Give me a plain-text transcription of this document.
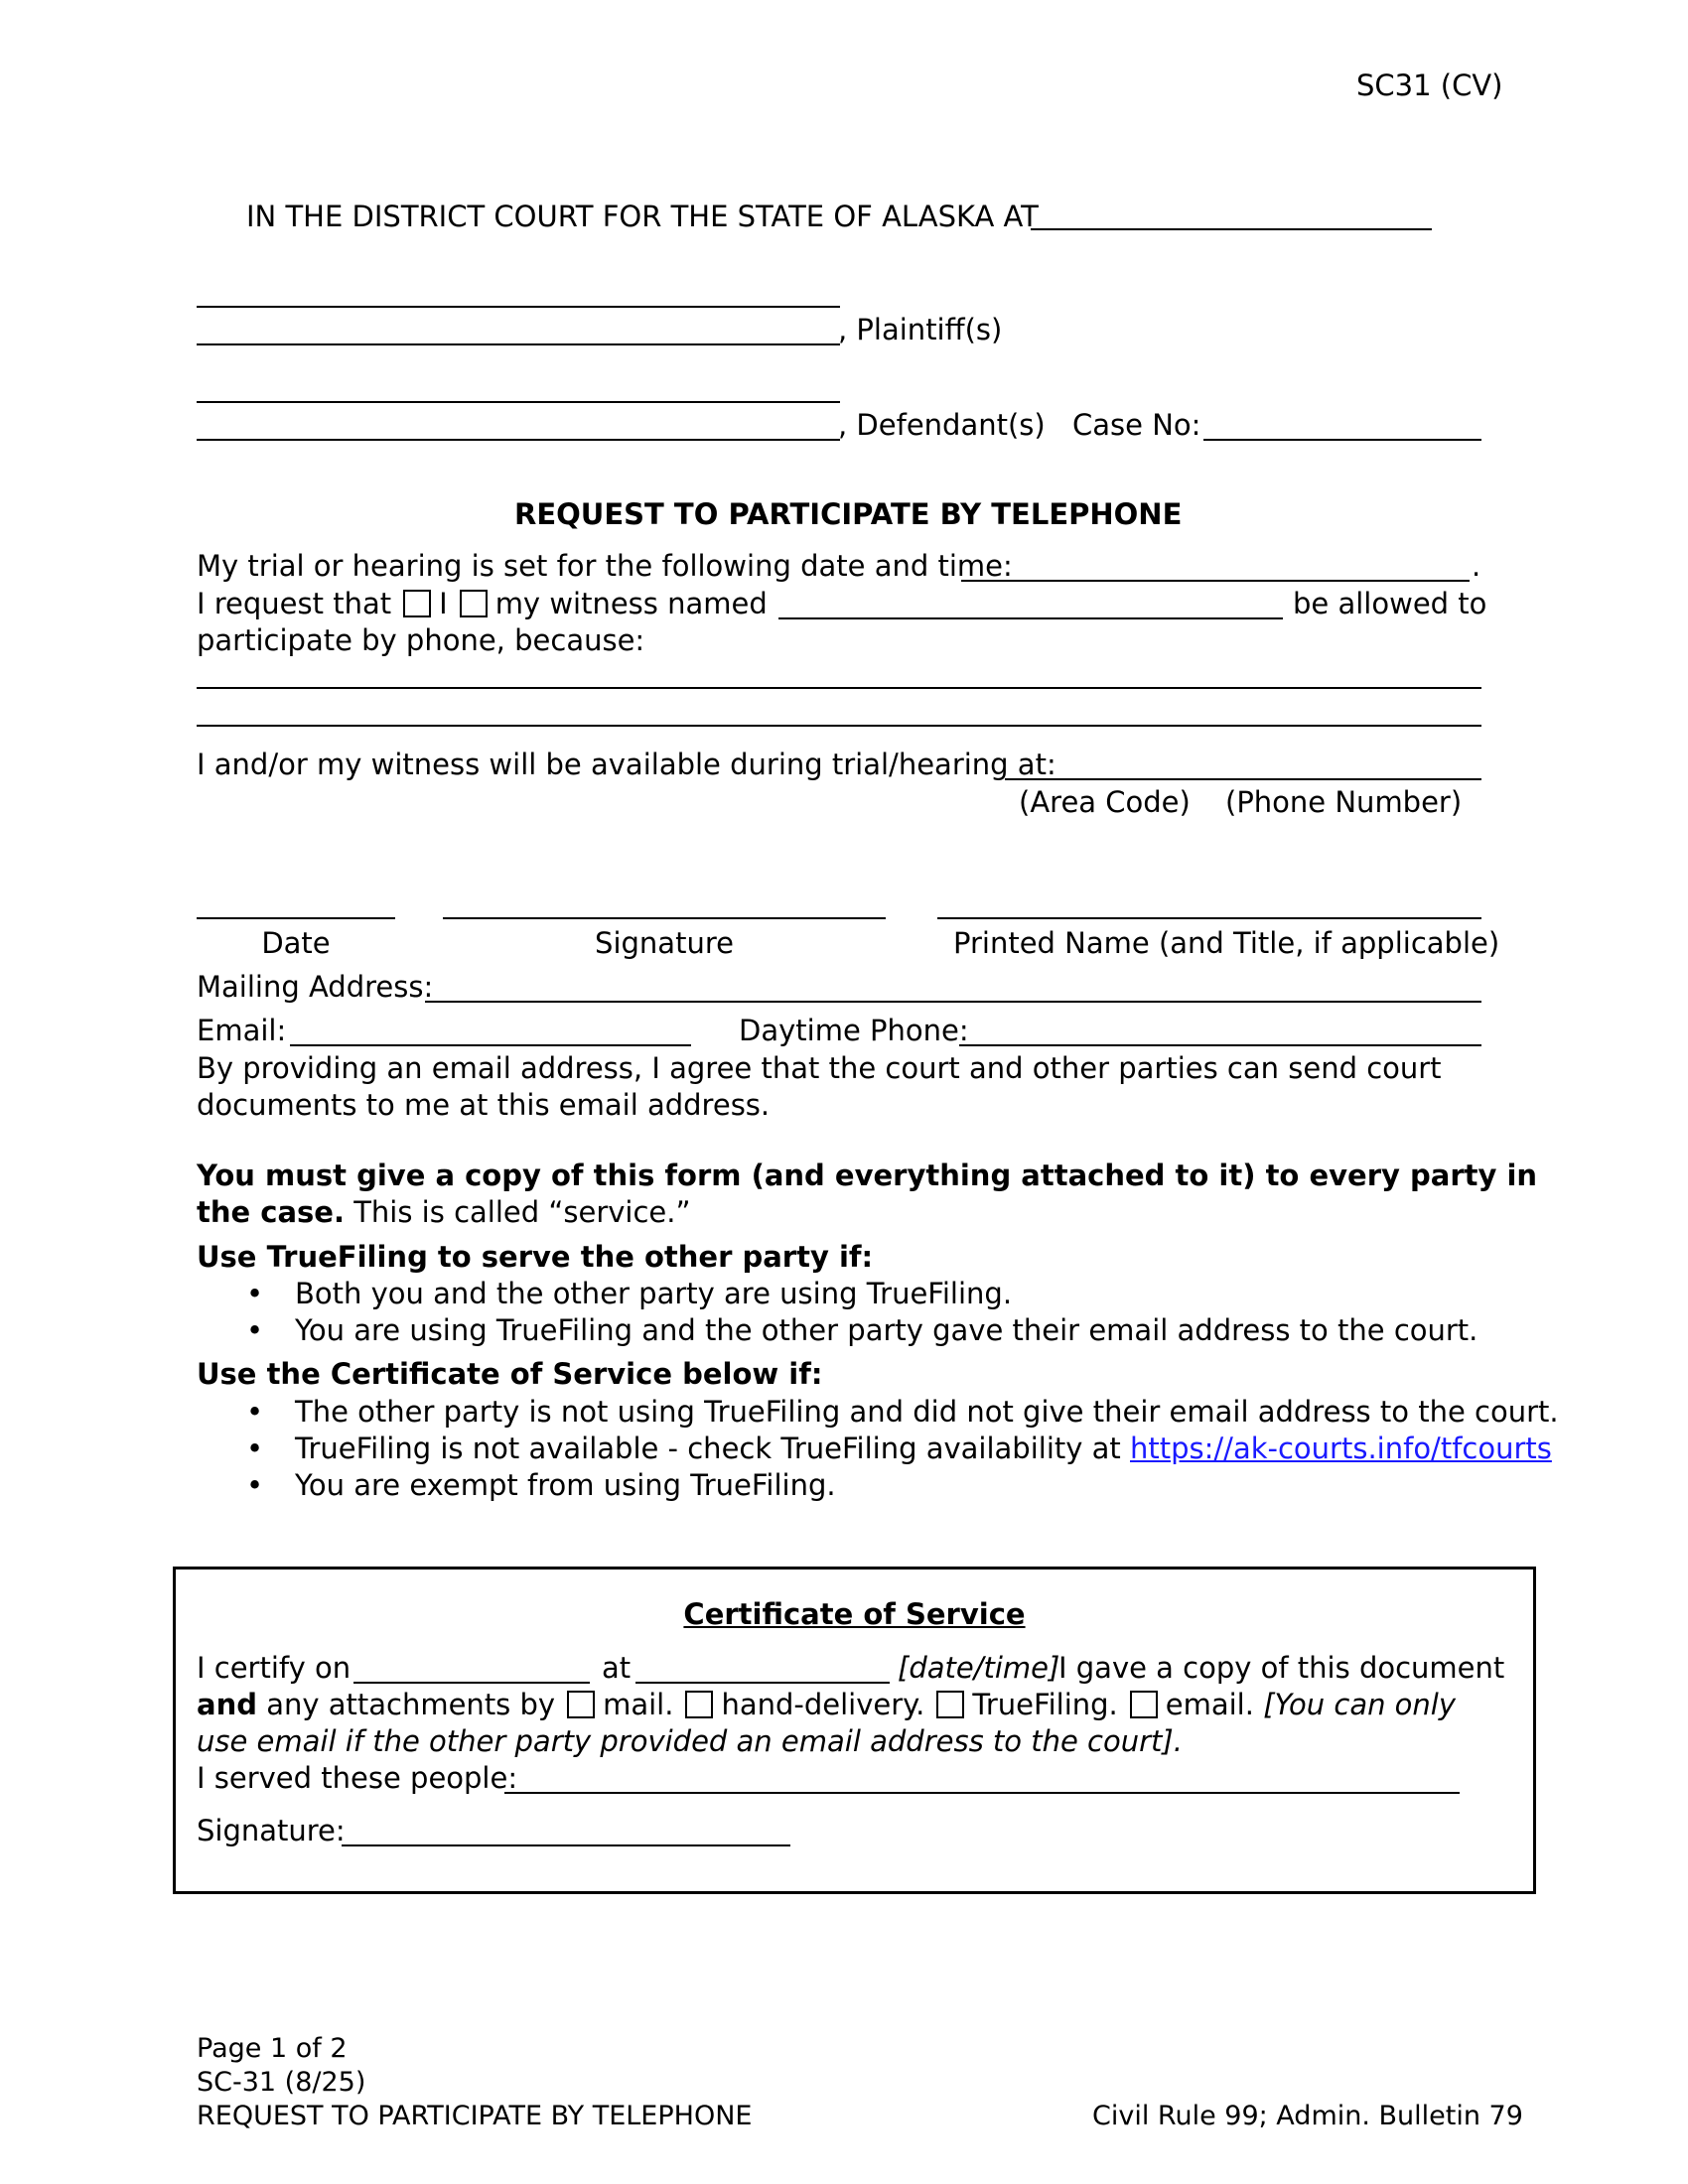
SC31 (CV)
IN THE DISTRICT COURT FOR THE STATE OF ALASKA AT
, Plaintiff(s)
, Defendant(s) Case No:
REQUEST TO PARTICIPATE BY TELEPHONE
My trial or hearing is set for the following date and time:	.
I request that I my witness named	be allowed to
participate by phone, because:
I and/or my witness will be available during trial/hearing at:
(Area Code) (Phone Number)
Date	Signature	Printed Name (and Title, if applicable)
Mailing Address:
Email:	Daytime Phone:
By providing an email address, I agree that the court and other parties can send court
documents to me at this email address.
You must give a copy of this form (and everything attached to it) to every party in
the case. This is called “service.”
Use TrueFiling to serve the other party if:
• Both you and the other party are using TrueFiling.
• You are using TrueFiling and the other party gave their email address to the court.
Use the Certificate of Service below if:
• The other party is not using TrueFiling and did not give their email address to the court.
• TrueFiling is not available - check TrueFiling availability at https://ak-courts.info/tfcourts
• You are exempt from using TrueFiling.
Certificate of Service
I certify on	at	[date/time]
I gave a copy of this document
and any attachments by mail. hand-delivery. TrueFiling. email. [You can only
use email if the other party provided an email address to the court].
I served these people:
Signature:
Page 1 of 2
SC-31 (8/25)
REQUEST TO PARTICIPATE BY TELEPHONE	Civil Rule 99; Admin. Bulletin 79
